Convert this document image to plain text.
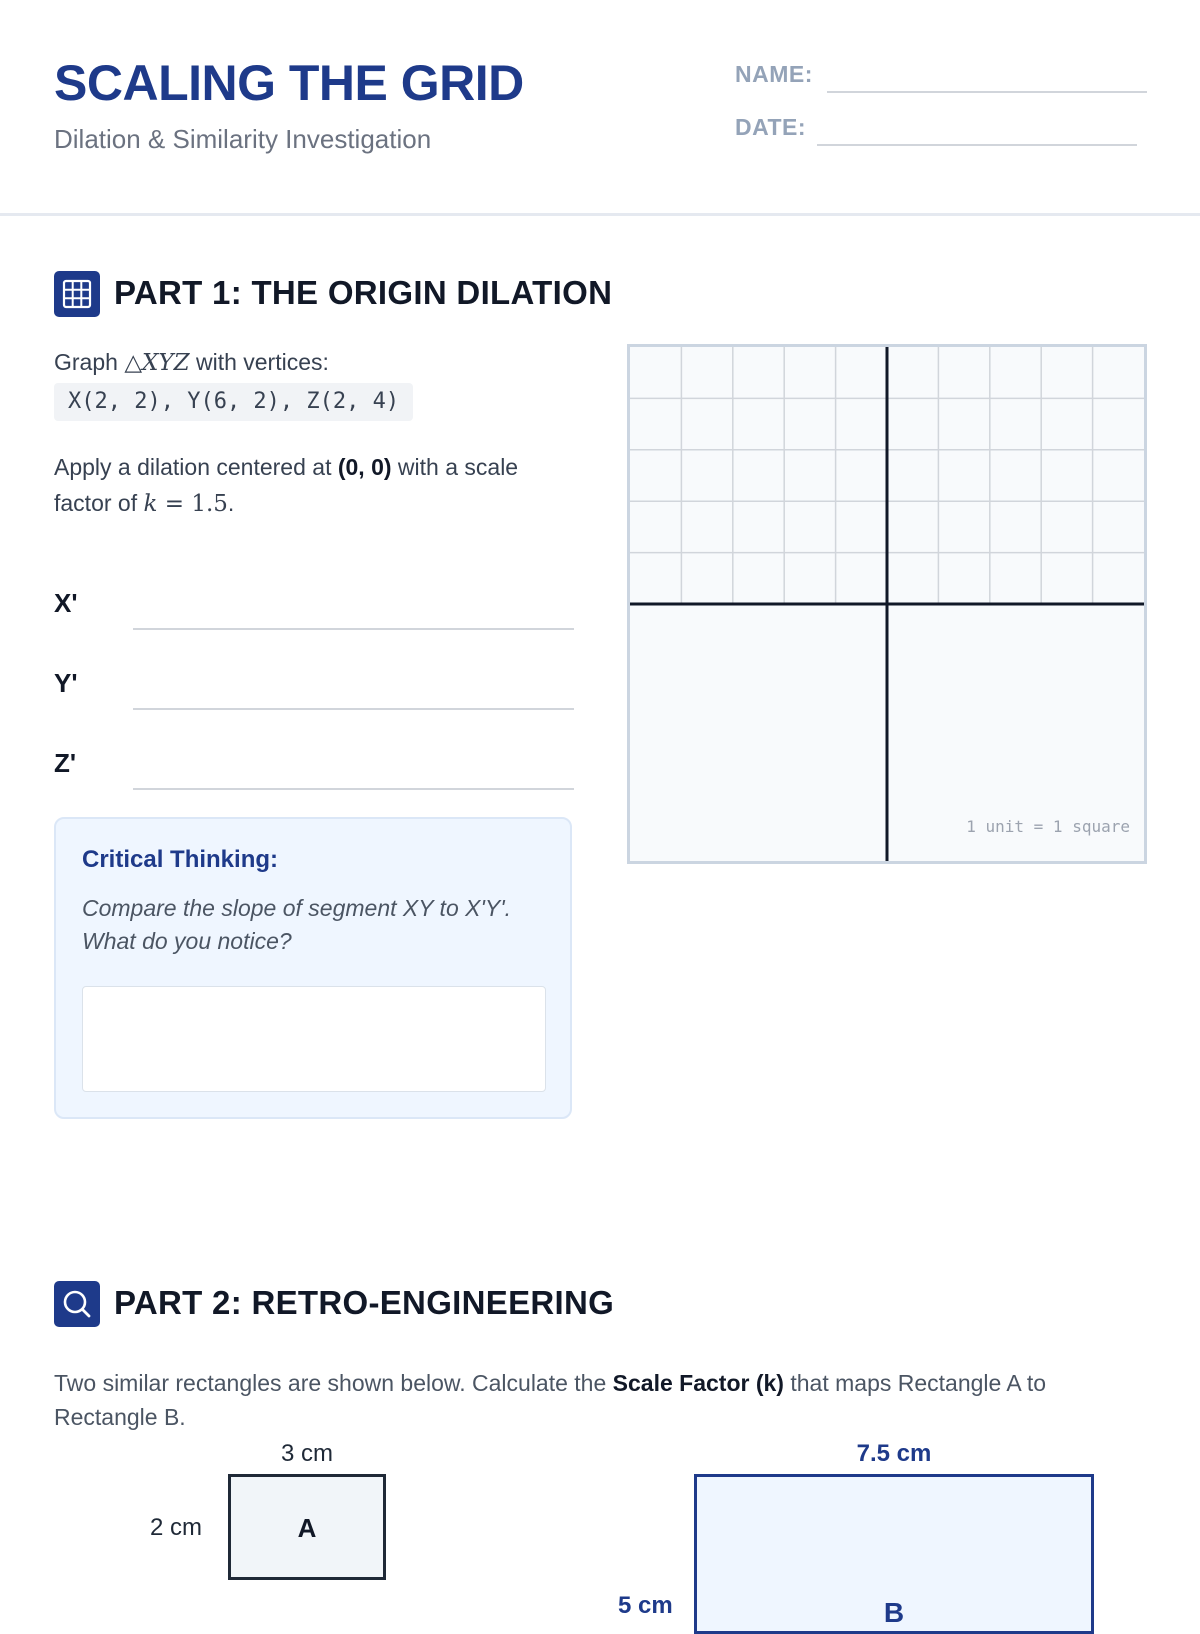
SCALING THE GRID
Dilation & Similarity Investigation
NAME:
DATE:
PART 1: THE ORIGIN DILATION
Graph △XYZ with vertices:
X(2, 2), Y(6, 2), Z(2, 4)
Apply a dilation centered at (0, 0) with a scale
factor of k = 1.5.
X'
Y'
Z'
Critical Thinking:
Compare the slope of segment XY to X'Y'. What do you notice?
1 unit = 1 square
PART 2: RETRO-ENGINEERING
Two similar rectangles are shown below. Calculate the Scale Factor (k) that maps Rectangle A to Rectangle B.
3 cm
2 cm	A
7.5 cm
5 cm	B
